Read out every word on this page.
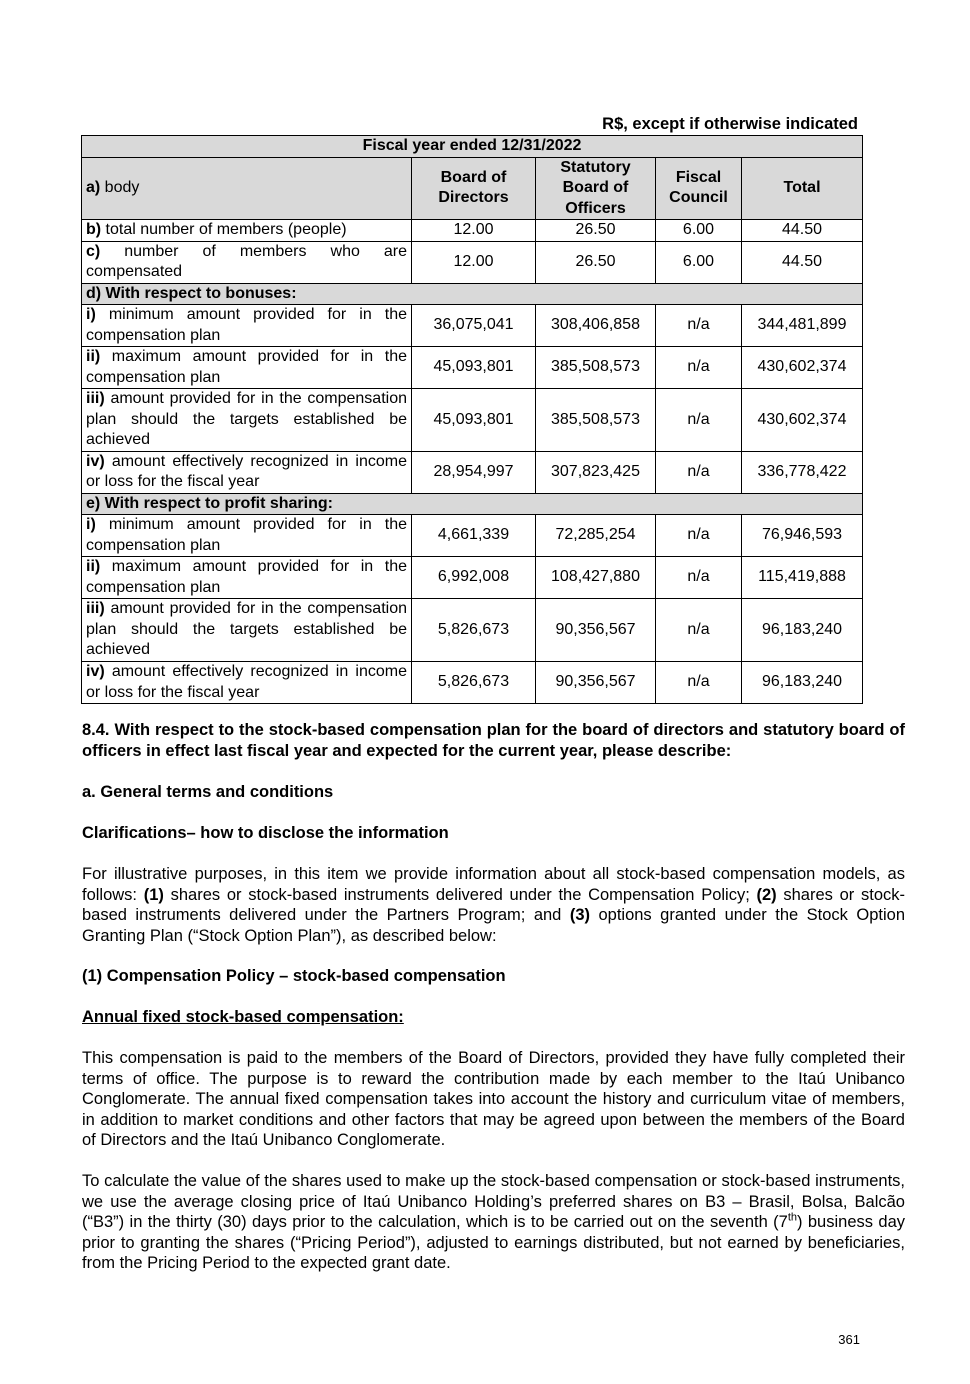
R$, except if otherwise indicated
Fiscal year ended 12/31/2022				
a) body	Board of Directors	Statutory Board of Officers	Fiscal Council	Total
b) total number of members (people)	12.00	26.50	6.00	44.50
c) number of members who are compensated	12.00	26.50	6.00	44.50
d) With respect to bonuses:				
i) minimum amount provided for in the compensation plan	36,075,041	308,406,858	n/a	344,481,899
ii) maximum amount provided for in the compensation plan	45,093,801	385,508,573	n/a	430,602,374
iii) amount provided for in the compensation plan should the targets established be achieved	45,093,801	385,508,573	n/a	430,602,374
iv) amount effectively recognized in income or loss for the fiscal year	28,954,997	307,823,425	n/a	336,778,422
e) With respect to profit sharing:				
i) minimum amount provided for in the compensation plan	4,661,339	72,285,254	n/a	76,946,593
ii) maximum amount provided for in the compensation plan	6,992,008	108,427,880	n/a	115,419,888
iii) amount provided for in the compensation plan should the targets established be achieved	5,826,673	90,356,567	n/a	96,183,240
iv) amount effectively recognized in income or loss for the fiscal year	5,826,673	90,356,567	n/a	96,183,240

8.4. With respect to the stock-based compensation plan for the board of directors and statutory board of officers in effect last fiscal year and expected for the current year, please describe:

a. General terms and conditions

Clarifications– how to disclose the information

For illustrative purposes, in this item we provide information about all stock-based compensation models, as follows: (1) shares or stock-based instruments delivered under the Compensation Policy; (2) shares or stock-based instruments delivered under the Partners Program; and (3) options granted under the Stock Option Granting Plan (“Stock Option Plan”), as described below:

(1) Compensation Policy – stock-based compensation

Annual fixed stock-based compensation:

This compensation is paid to the members of the Board of Directors, provided they have fully completed their terms of office. The purpose is to reward the contribution made by each member to the Itaú Unibanco Conglomerate. The annual fixed compensation takes into account the history and curriculum vitae of members, in addition to market conditions and other factors that may be agreed upon between the members of the Board of Directors and the Itaú Unibanco Conglomerate.

To calculate the value of the shares used to make up the stock-based compensation or stock-based instruments, we use the average closing price of Itaú Unibanco Holding’s preferred shares on B3 – Brasil, Bolsa, Balcão (“B3”) in the thirty (30) days prior to the calculation, which is to be carried out on the seventh (7th) business day prior to granting the shares (“Pricing Period”), adjusted to earnings distributed, but not earned by beneficiaries, from the Pricing Period to the expected grant date.

361
